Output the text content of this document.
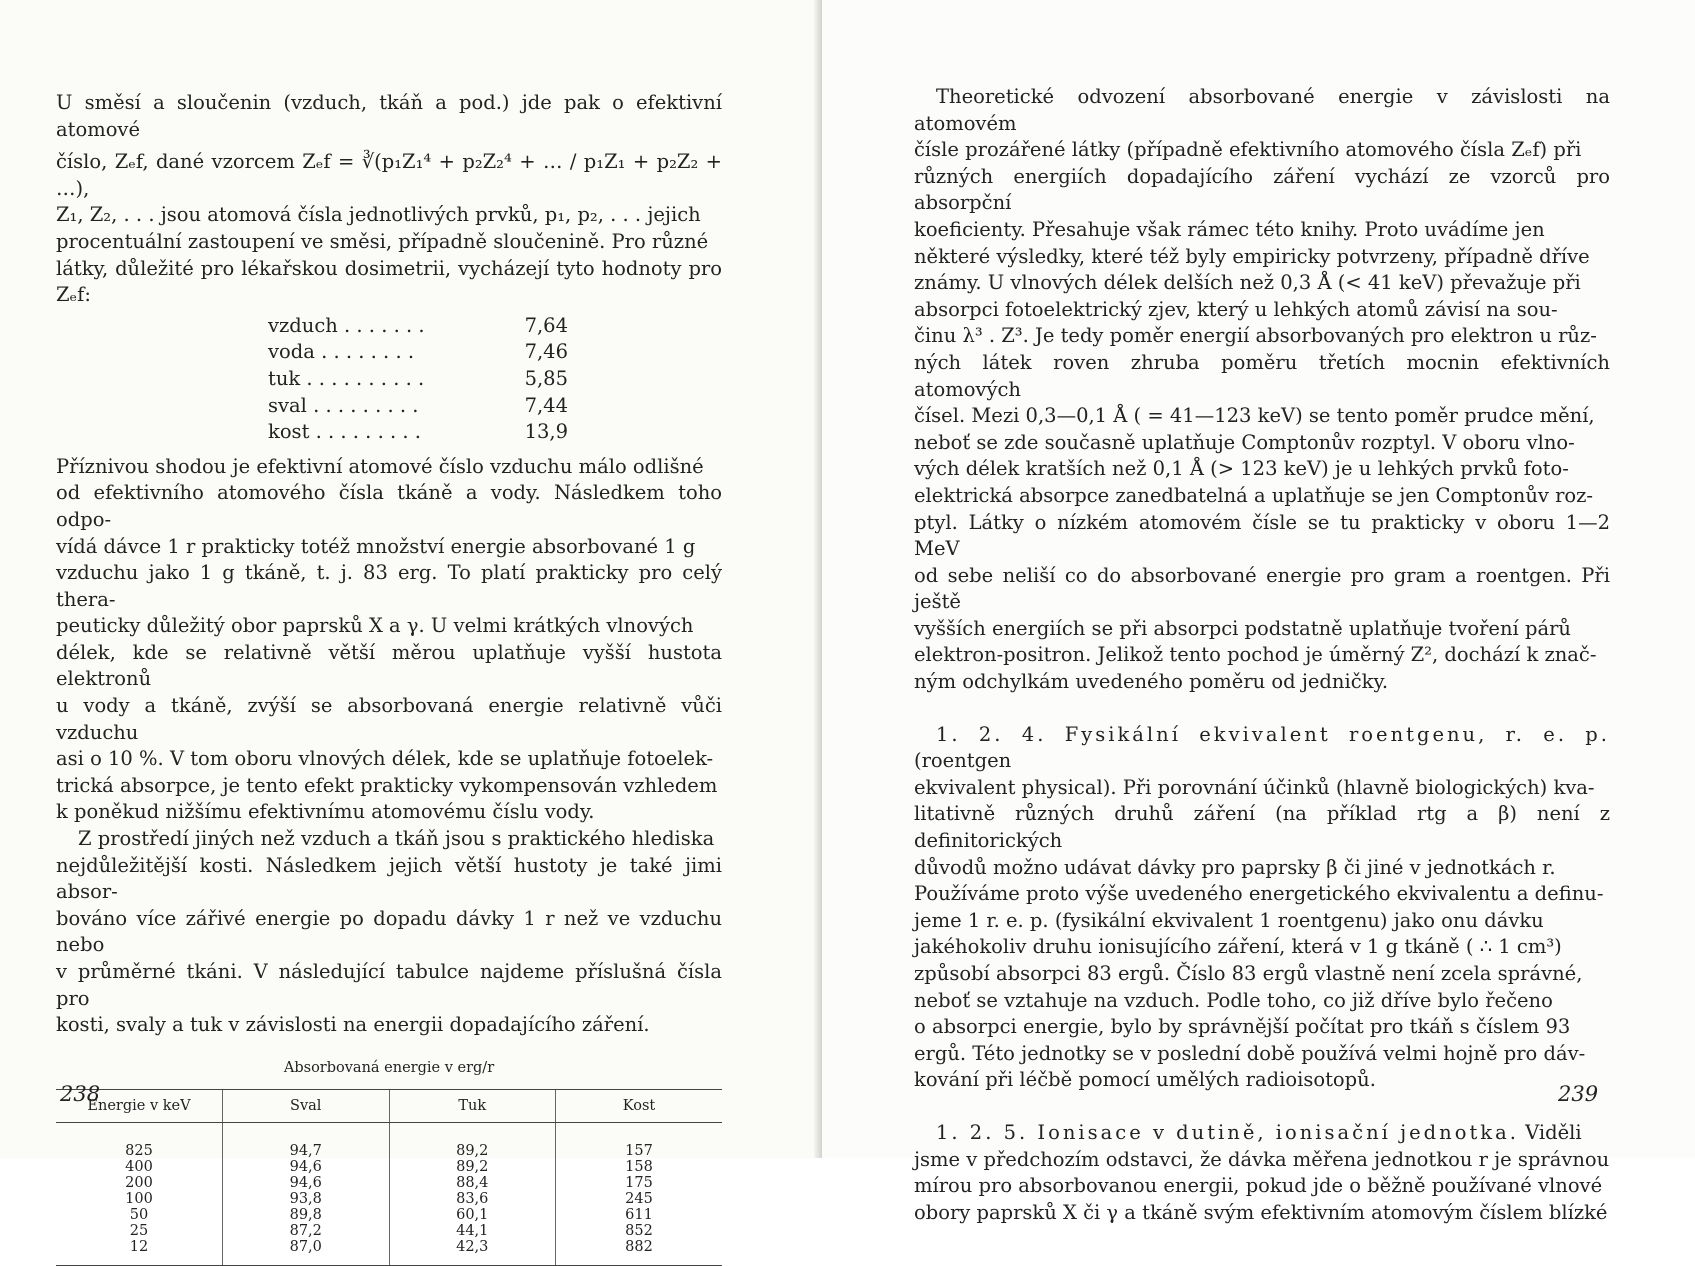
U směsí a sloučenin (vzduch, tkáň a pod.) jde pak o efektivní atomové
číslo, Zₑf, dané vzorcem Zₑf = ∛(p₁Z₁⁴ + p₂Z₂⁴ + … / p₁Z₁ + p₂Z₂ + …),
Z₁, Z₂, . . . jsou atomová čísla jednotlivých prvků, p₁, p₂, . . . jejich
procentuální zastoupení ve směsi, případně sloučenině. Pro různé
látky, důležité pro lékařskou dosimetrii, vycházejí tyto hodnoty pro Zₑf:
vzduch . . . . . . .	7,64
voda . . . . . . . .	7,46
tuk . . . . . . . . . .	5,85
sval . . . . . . . . .	7,44
kost . . . . . . . . .	13,9
Příznivou shodou je efektivní atomové číslo vzduchu málo odlišné
od efektivního atomového čísla tkáně a vody. Následkem toho odpo-
vídá dávce 1 r prakticky totéž množství energie absorbované 1 g
vzduchu jako 1 g tkáně, t. j. 83 erg. To platí prakticky pro celý thera-
peuticky důležitý obor paprsků X a γ. U velmi krátkých vlnových
délek, kde se relativně větší měrou uplatňuje vyšší hustota elektronů
u vody a tkáně, zvýší se absorbovaná energie relativně vůči vzduchu
asi o 10 %. V tom oboru vlnových délek, kde se uplatňuje fotoelek-
trická absorpce, je tento efekt prakticky vykompensován vzhledem
k poněkud nižšímu efektivnímu atomovému číslu vody.
Z prostředí jiných než vzduch a tkáň jsou s praktického hlediska
nejdůležitější kosti. Následkem jejich větší hustoty je také jimi absor-
bováno více zářivé energie po dopadu dávky 1 r než ve vzduchu nebo
v průměrné tkáni. V následující tabulce najdeme příslušná čísla pro
kosti, svaly a tuk v závislosti na energii dopadajícího záření.
Absorbovaná energie v erg/r
Energie v keV	Sval	Tuk	Kost
825	94,7	89,2	157
400	94,6	89,2	158
200	94,6	88,4	175
100	93,8	83,6	245
50	89,8	60,1	611
25	87,2	44,1	852
12	87,0	42,3	882
238
Theoretické odvození absorbované energie v závislosti na atomovém
čísle prozářené látky (případně efektivního atomového čísla Zₑf) při
různých energiích dopadajícího záření vychází ze vzorců pro absorpční
koeficienty. Přesahuje však rámec této knihy. Proto uvádíme jen
některé výsledky, které též byly empiricky potvrzeny, případně dříve
známy. U vlnových délek delších než 0,3 Å (< 41 keV) převažuje při
absorpci fotoelektrický zjev, který u lehkých atomů závisí na sou-
činu λ³ . Z³. Je tedy poměr energií absorbovaných pro elektron u růz-
ných látek roven zhruba poměru třetích mocnin efektivních atomových
čísel. Mezi 0,3—0,1 Å ( = 41—123 keV) se tento poměr prudce mění,
neboť se zde současně uplatňuje Comptonův rozptyl. V oboru vlno-
vých délek kratších než 0,1 Å (> 123 keV) je u lehkých prvků foto-
elektrická absorpce zanedbatelná a uplatňuje se jen Comptonův roz-
ptyl. Látky o nízkém atomovém čísle se tu prakticky v oboru 1—2 MeV
od sebe neliší co do absorbované energie pro gram a roentgen. Při ještě
vyšších energiích se při absorpci podstatně uplatňuje tvoření párů
elektron-positron. Jelikož tento pochod je úměrný Z², dochází k znač-
ným odchylkám uvedeného poměru od jedničky.
1. 2. 4. Fysikální ekvivalent roentgenu, r. e. p. (roentgen
ekvivalent physical). Při porovnání účinků (hlavně biologických) kva-
litativně různých druhů záření (na příklad rtg a β) není z definitorických
důvodů možno udávat dávky pro paprsky β či jiné v jednotkách r.
Používáme proto výše uvedeného energetického ekvivalentu a definu-
jeme 1 r. e. p. (fysikální ekvivalent 1 roentgenu) jako onu dávku
jakéhokoliv druhu ionisujícího záření, která v 1 g tkáně ( ∴ 1 cm³)
způsobí absorpci 83 ergů. Číslo 83 ergů vlastně není zcela správné,
neboť se vztahuje na vzduch. Podle toho, co již dříve bylo řečeno
o absorpci energie, bylo by správnější počítat pro tkáň s číslem 93
ergů. Této jednotky se v poslední době používá velmi hojně pro dáv-
kování při léčbě pomocí umělých radioisotopů.
1. 2. 5. Ionisace v dutině, ionisační jednotka. Viděli
jsme v předchozím odstavci, že dávka měřena jednotkou r je správnou
mírou pro absorbovanou energii, pokud jde o běžně používané vlnové
obory paprsků X či γ a tkáně svým efektivním atomovým číslem blízké
239
